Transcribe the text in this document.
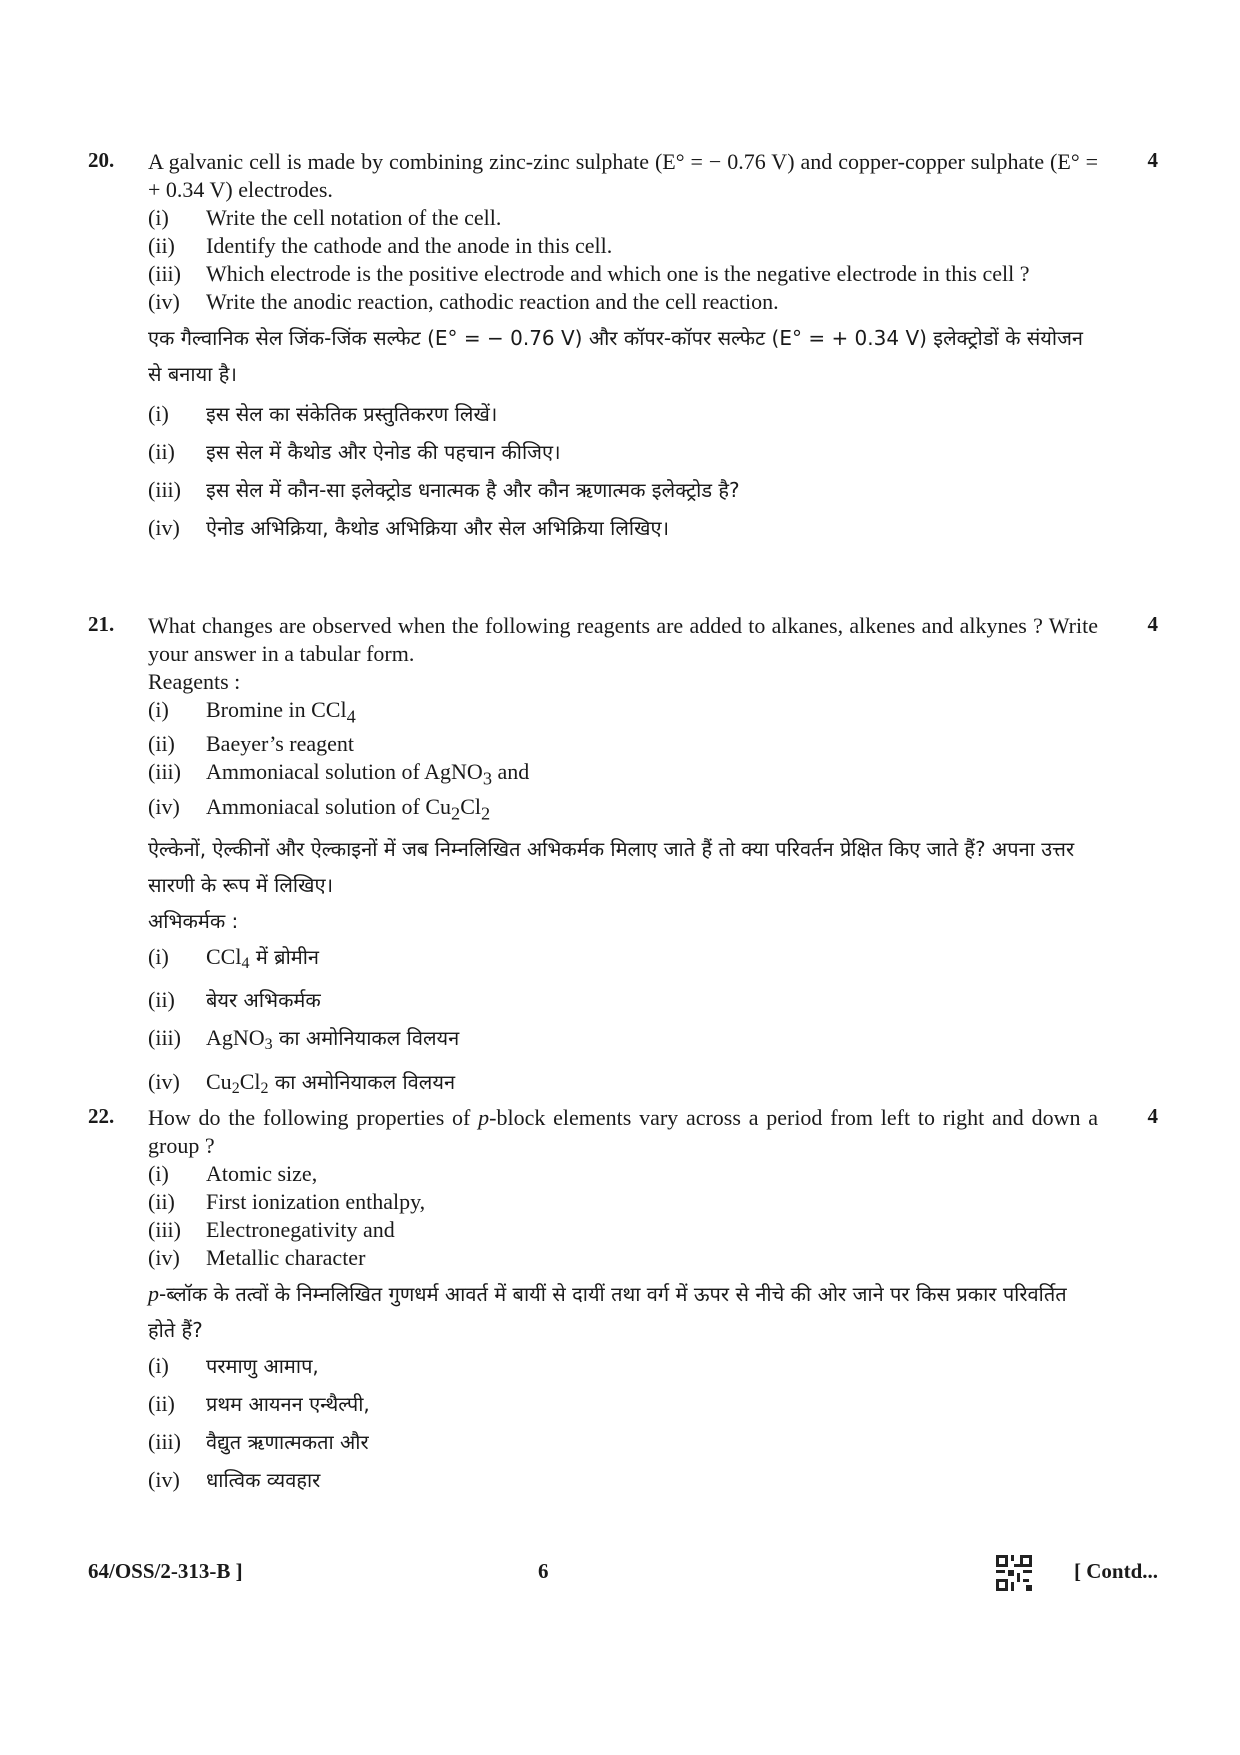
20.	4
A galvanic cell is made by combining zinc-zinc sulphate (E° = − 0.76 V) and copper-copper sulphate (E° = + 0.34 V) electrodes.
(i) Write the cell notation of the cell.
(ii) Identify the cathode and the anode in this cell.
(iii) Which electrode is the positive electrode and which one is the negative electrode in this cell ?
(iv) Write the anodic reaction, cathodic reaction and the cell reaction.
एक गैल्वानिक सेल जिंक-जिंक सल्फेट (E° = − 0.76 V) और कॉपर-कॉपर सल्फेट (E° = + 0.34 V) इलेक्ट्रोडों के संयोजन से बनाया है।
(i) इस सेल का संकेतिक प्रस्तुतिकरण लिखें।
(ii) इस सेल में कैथोड और ऐनोड की पहचान कीजिए।
(iii) इस सेल में कौन-सा इलेक्ट्रोड धनात्मक है और कौन ऋणात्मक इलेक्ट्रोड है?
(iv) ऐनोड अभिक्रिया, कैथोड अभिक्रिया और सेल अभिक्रिया लिखिए।
21.	4
What changes are observed when the following reagents are added to alkanes, alkenes and alkynes ? Write your answer in a tabular form.
Reagents :
(i) Bromine in CCl$_4$
(ii) Baeyer’s reagent
(iii) Ammoniacal solution of AgNO$_3$ and
(iv) Ammoniacal solution of $Cu_2Cl_2$
ऐल्केनों, ऐल्कीनों और ऐल्काइनों में जब निम्नलिखित अभिकर्मक मिलाए जाते हैं तो क्या परिवर्तन प्रेक्षित किए जाते हैं? अपना उत्तर सारणी के रूप में लिखिए।
अभिकर्मक :
(i) CCl$_4$ में ब्रोमीन
(ii) बेयर अभिकर्मक
(iii) AgNO$_3$ का अमोनियाकल विलयन
(iv) $Cu_2Cl_2$ का अमोनियाकल विलयन
22.	4
How do the following properties of p-block elements vary across a period from left to right and down a group ?
(i) Atomic size,
(ii) First ionization enthalpy,
(iii) Electronegativity and
(iv) Metallic character
p-ब्लॉक के तत्वों के निम्नलिखित गुणधर्म आवर्त में बायीं से दायीं तथा वर्ग में ऊपर से नीचे की ओर जाने पर किस प्रकार परिवर्तित होते हैं?
(i) परमाणु आमाप,
(ii) प्रथम आयनन एन्थैल्पी,
(iii) वैद्युत ऋणात्मकता और
(iv) धात्विक व्यवहार
64/OSS/2-313-B ]	6	[ Contd...
